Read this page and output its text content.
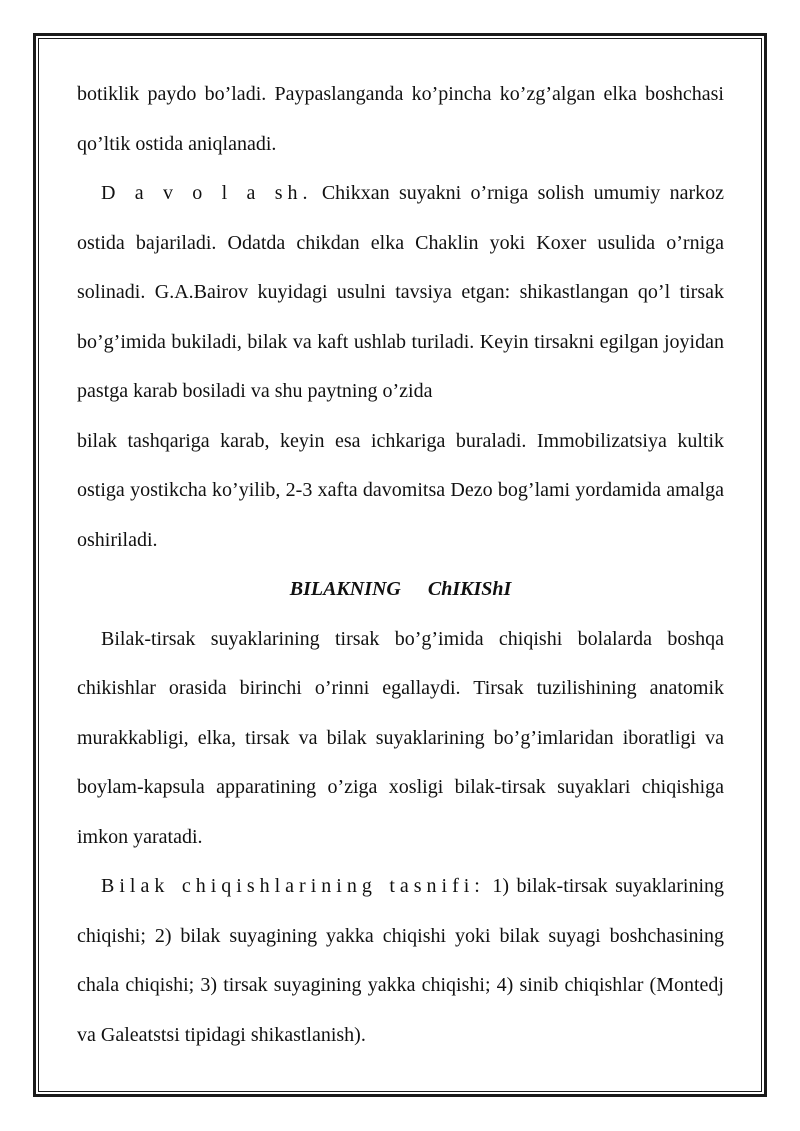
botiklik paydo bo’ladi. Paypaslanganda ko’pincha ko’zg’algan elka boshchasi qo’ltik ostida aniqlanadi.

D a v o l a sh. Chikxan suyakni o’rniga solish umumiy narkoz ostida bajariladi. Odatda chikdan elka Chaklin yoki Koxer usulida o’rniga solinadi. G.A.Bairov kuyidagi usulni tavsiya etgan: shikastlangan qo’l tirsak bo’g’imida bukiladi, bilak va kaft ushlab turiladi. Keyin tirsakni egilgan joyidan pastga karab bosiladi va shu paytning o’zida

bilak tashqariga karab, keyin esa ichkariga buraladi. Immobilizatsiya kultik ostiga yostikcha ko’yilib, 2-3 xafta davomitsa Dezo bog’lami yordamida amalga oshiriladi.

BILAKNING ChIKIShI

Bilak-tirsak suyaklarining tirsak bo’g’imida chiqishi bolalarda boshqa chikishlar orasida birinchi o’rinni egallaydi. Tirsak tuzilishining anatomik murakkabligi, elka, tirsak va bilak suyaklarining bo’g’imlaridan iboratligi va boylam-kapsula apparatining o’ziga xosligi bilak-tirsak suyaklari chiqishiga imkon yaratadi.

Bilak chiqishlarining tasnifi: 1) bilak-tirsak suyaklarining chiqishi; 2) bilak suyagining yakka chiqishi yoki bilak suyagi boshchasining chala chiqishi; 3) tirsak suyagining yakka chiqishi; 4) sinib chiqishlar (Montedj va Galeatstsi tipidagi shikastlanish).
